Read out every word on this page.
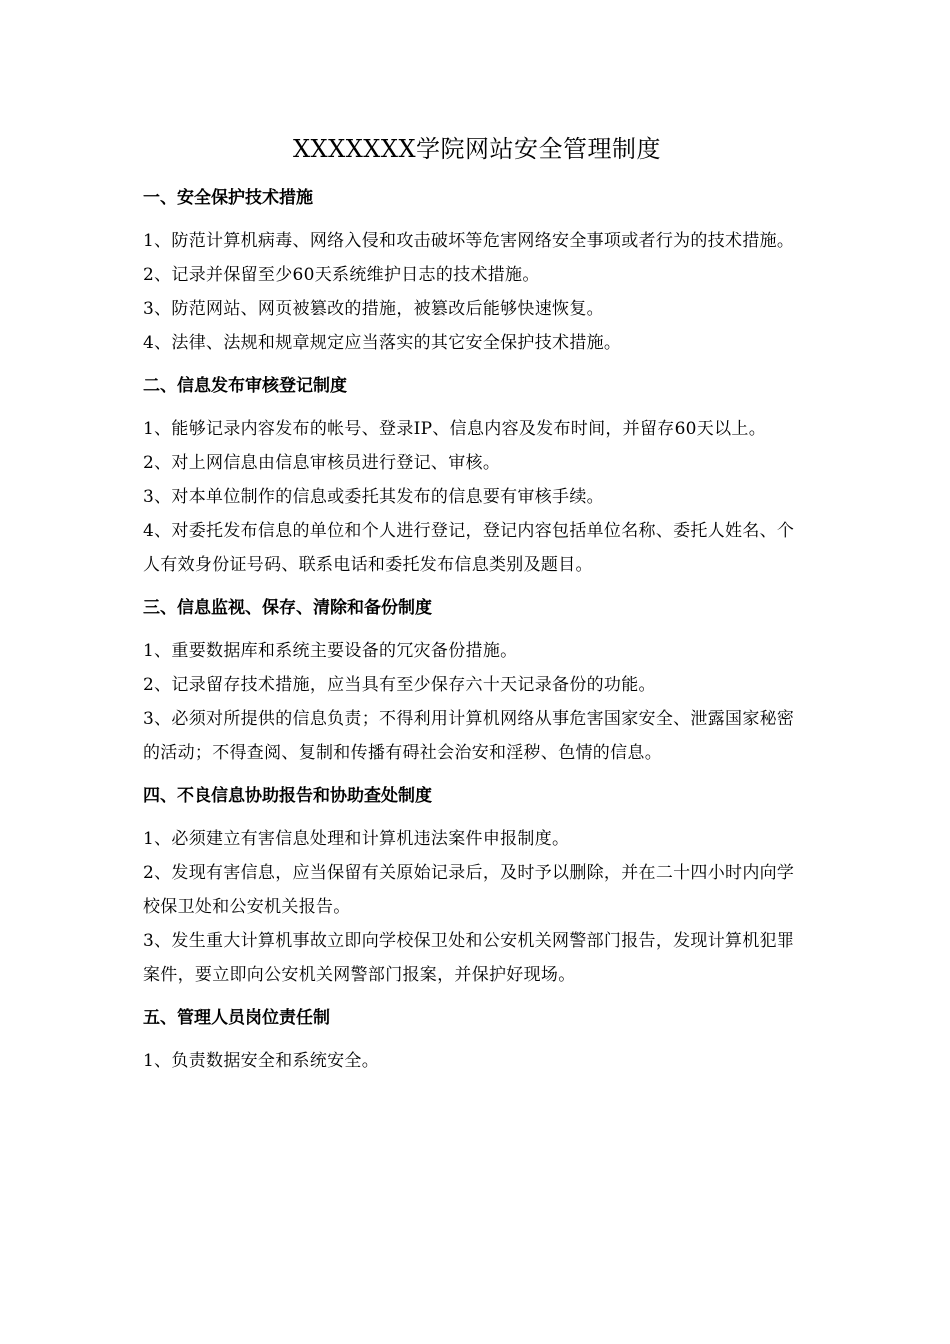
XXXXXXX学院网站安全管理制度
一、安全保护技术措施
1、防范计算机病毒、网络入侵和攻击破坏等危害网络安全事项或者行为的技术措施。
2、记录并保留至少60天系统维护日志的技术措施。
3、防范网站、网页被篡改的措施，被篡改后能够快速恢复。
4、法律、法规和规章规定应当落实的其它安全保护技术措施。
二、信息发布审核登记制度
1、能够记录内容发布的帐号、登录IP、信息内容及发布时间，并留存60天以上。
2、对上网信息由信息审核员进行登记、审核。
3、对本单位制作的信息或委托其发布的信息要有审核手续。
4、对委托发布信息的单位和个人进行登记，登记内容包括单位名称、委托人姓名、个人有效身份证号码、联系电话和委托发布信息类别及题目。
三、信息监视、保存、清除和备份制度
1、重要数据库和系统主要设备的冗灾备份措施。
2、记录留存技术措施，应当具有至少保存六十天记录备份的功能。
3、必须对所提供的信息负责；不得利用计算机网络从事危害国家安全、泄露国家秘密的活动；不得查阅、复制和传播有碍社会治安和淫秽、色情的信息。
四、不良信息协助报告和协助查处制度
1、必须建立有害信息处理和计算机违法案件申报制度。
2、发现有害信息，应当保留有关原始记录后，及时予以删除，并在二十四小时内向学校保卫处和公安机关报告。
3、发生重大计算机事故立即向学校保卫处和公安机关网警部门报告，发现计算机犯罪案件，要立即向公安机关网警部门报案，并保护好现场。
五、管理人员岗位责任制
1、负责数据安全和系统安全。
